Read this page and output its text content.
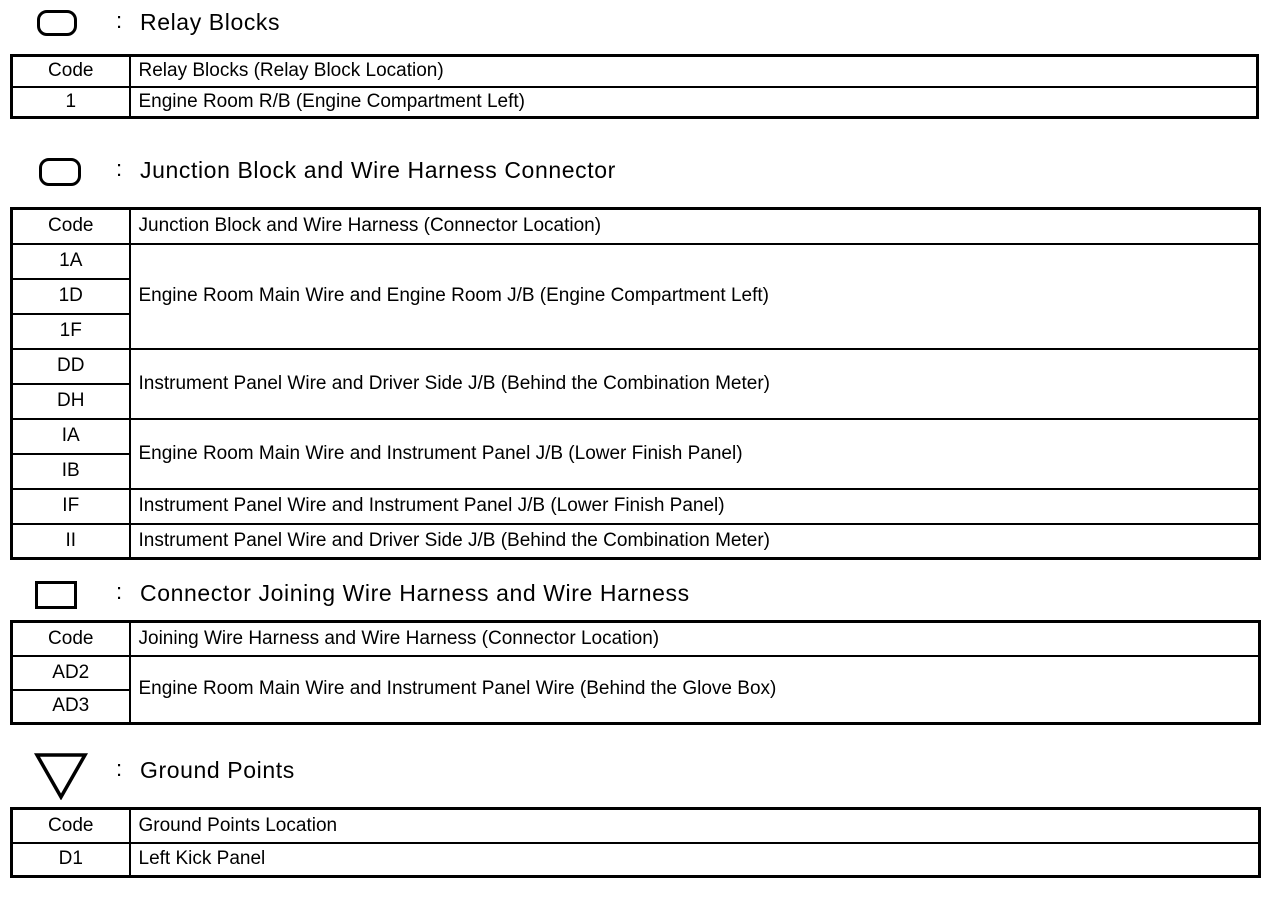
: Relay Blocks
Code	Relay Blocks (Relay Block Location)
1	Engine Room R/B (Engine Compartment Left)
: Junction Block and Wire Harness Connector
Code	Junction Block and Wire Harness (Connector Location)
1A	Engine Room Main Wire and Engine Room J/B (Engine Compartment Left)
1D	
1F	
DD	Instrument Panel Wire and Driver Side J/B (Behind the Combination Meter)
DH	
IA	Engine Room Main Wire and Instrument Panel J/B (Lower Finish Panel)
IB	
IF	Instrument Panel Wire and Instrument Panel J/B (Lower Finish Panel)
II	Instrument Panel Wire and Driver Side J/B (Behind the Combination Meter)
: Connector Joining Wire Harness and Wire Harness
Code	Joining Wire Harness and Wire Harness (Connector Location)
AD2	Engine Room Main Wire and Instrument Panel Wire (Behind the Glove Box)
AD3	
: Ground Points
Code	Ground Points Location
D1	Left Kick Panel
